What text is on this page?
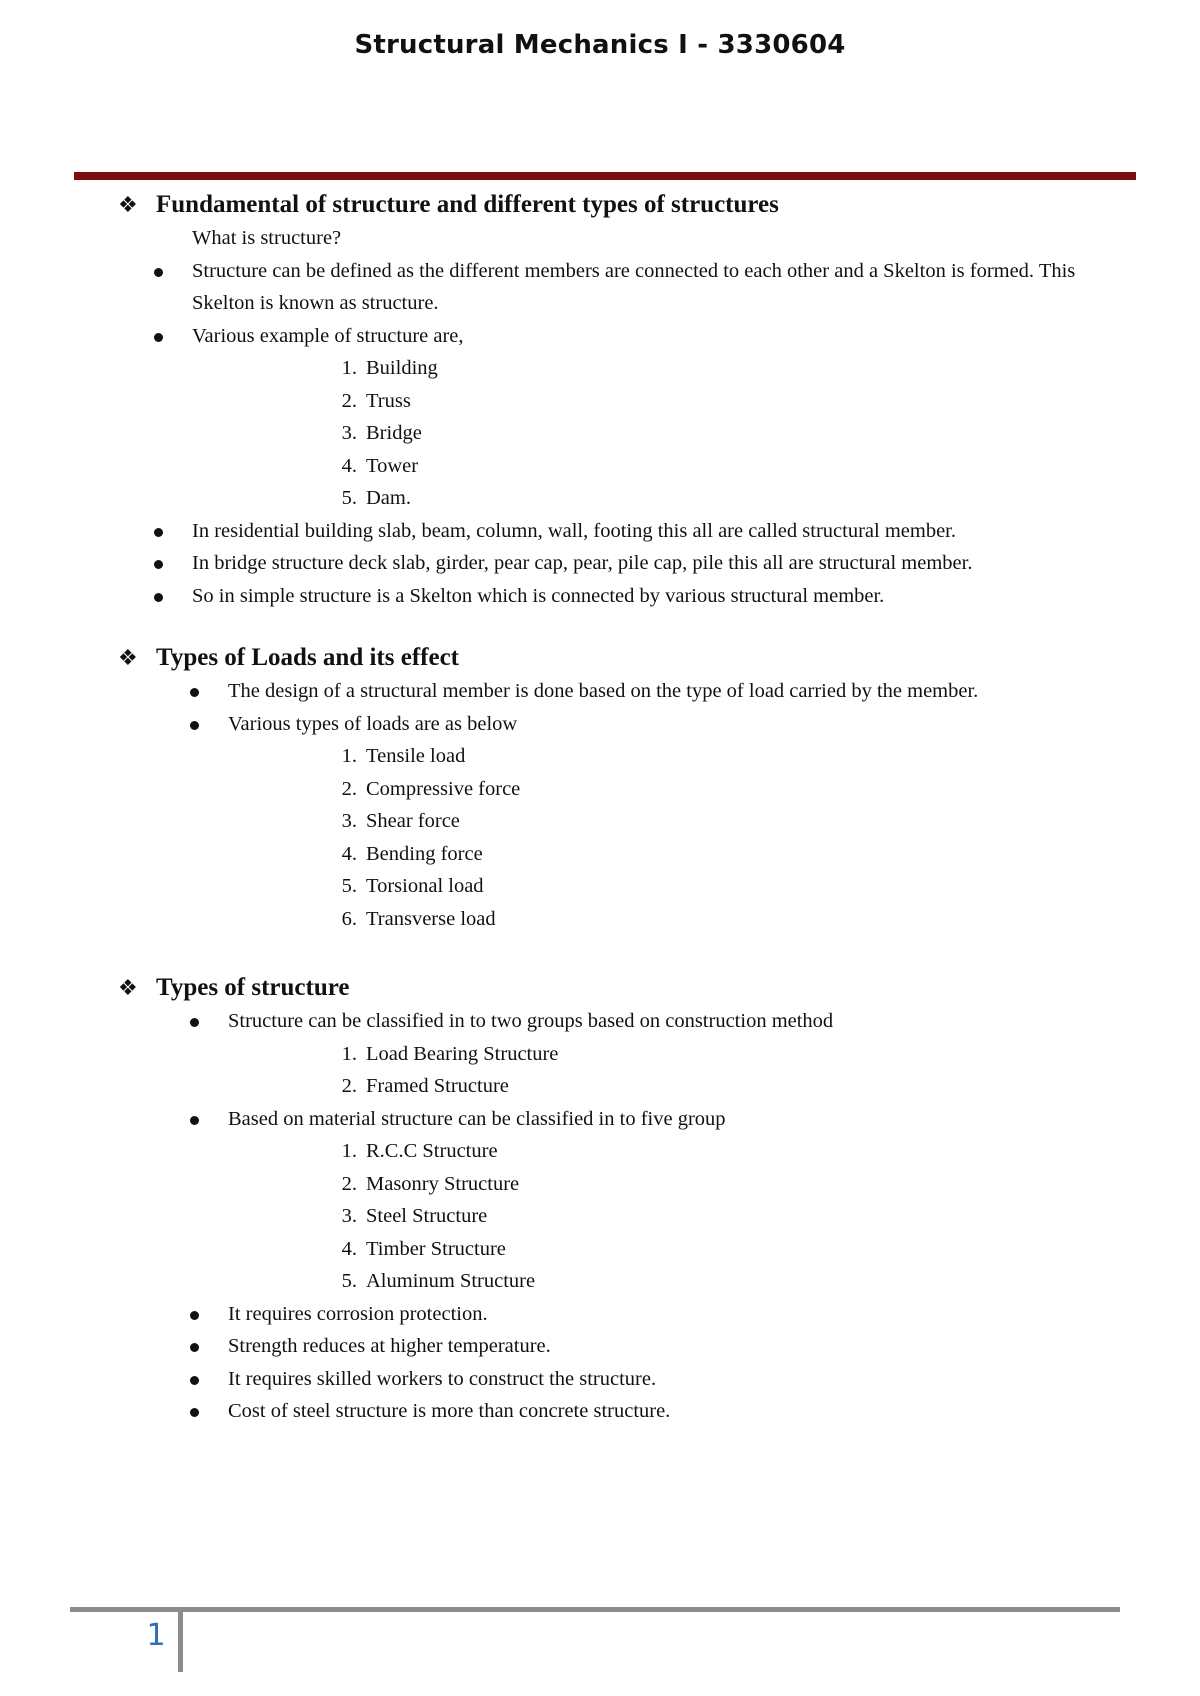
Structural Mechanics I - 3330604
❖ Fundamental of structure and different types of structures
What is structure?
Structure can be defined as the different members are connected to each other and a Skelton is formed. This Skelton is known as structure.
Various example of structure are,
1. Building
2. Truss
3. Bridge
4. Tower
5. Dam.
In residential building slab, beam, column, wall, footing this all are called structural member.
In bridge structure deck slab, girder, pear cap, pear, pile cap, pile this all are structural member.
So in simple structure is a Skelton which is connected by various structural member.
❖ Types of Loads and its effect
The design of a structural member is done based on the type of load carried by the member.
Various types of loads are as below
1. Tensile load
2. Compressive force
3. Shear force
4. Bending force
5. Torsional load
6. Transverse load
❖ Types of structure
Structure can be classified in to two groups based on construction method
1. Load Bearing Structure
2. Framed Structure
Based on material structure can be classified in to five group
1. R.C.C Structure
2. Masonry Structure
3. Steel Structure
4. Timber Structure
5. Aluminum Structure
It requires corrosion protection.
Strength reduces at higher temperature.
It requires skilled workers to construct the structure.
Cost of steel structure is more than concrete structure.
1
